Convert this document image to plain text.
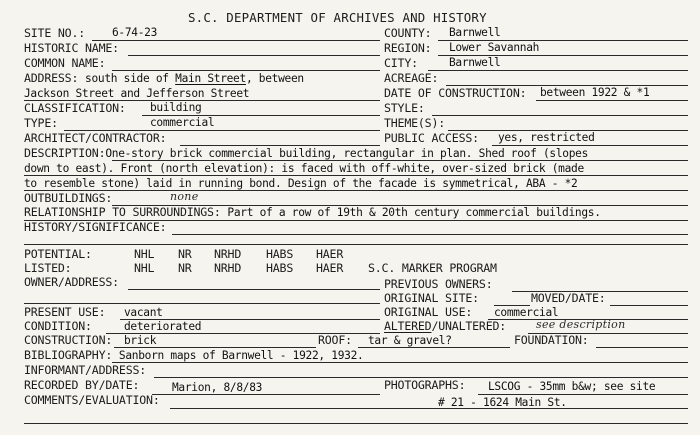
S.C. DEPARTMENT OF ARCHIVES AND HISTORY
SITE NO.: 6-74-23	COUNTY: Barnwell
HISTORIC NAME:	REGION: Lower Savannah
COMMON NAME:	CITY:	Barnwell
ADDRESS: south side of Main Street, between	ACREAGE:
Jackson Street and Jefferson Street	DATE OF CONSTRUCTION: between 1922 & *1
CLASSIFICATION: building	STYLE:
TYPE:	commercial	THEME(S):
ARCHITECT/CONTRACTOR:	PUBLIC ACCESS: yes, restricted
DESCRIPTION:One-story brick commercial building, rectangular in plan. Shed roof (slopes
down to east). Front (north elevation): is faced with off-white, over-sized brick (made
to resemble stone) laid in running bond. Design of the facade is symmetrical, ABA - *2
OUTBUILDINGS:	none
RELATIONSHIP TO SURROUNDINGS: Part of a row of 19th & 20th century commercial buildings.
HISTORY/SIGNIFICANCE:
POTENTIAL:	NHL NR NRHD HABS HAER
LISTED:	NHL NR NRHD HABS HAER S.C. MARKER PROGRAM
OWNER/ADDRESS:	PREVIOUS OWNERS:
ORIGINAL SITE:	MOVED/DATE:
PRESENT USE: vacant	ORIGINAL USE: commercial
CONDITION:	deteriorated	ALTERED/UNALTERED:	see description
CONSTRUCTION: brick	ROOF: tar & gravel?	FOUNDATION:
BIBLIOGRAPHY: Sanborn maps of Barnwell - 1922, 1932.
INFORMANT/ADDRESS:
RECORDED BY/DATE:	Marion, 8/8/83	PHOTOGRAPHS: LSCOG - 35mm b&w; see site
COMMENTS/EVALUATION:	# 21 - 1624 Main St.
